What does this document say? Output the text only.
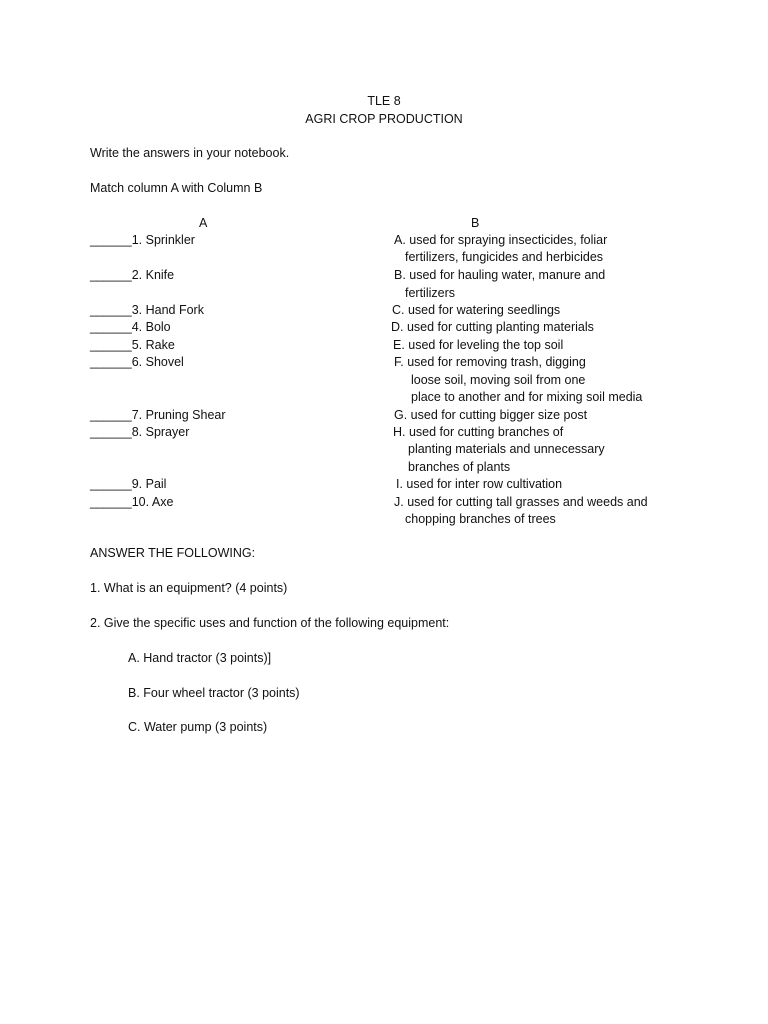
TLE 8
AGRI CROP PRODUCTION
Write the answers in your notebook.
Match column A with Column B
A	B
______1. Sprinkler
______2. Knife
______3. Hand Fork
______4. Bolo
______5. Rake
______6. Shovel
______7. Pruning Shear
______8. Sprayer
______9. Pail
______10. Axe
A. used for spraying insecticides, foliar
fertilizers, fungicides and herbicides
B. used for hauling water, manure and
fertilizers
C. used for watering seedlings
D. used for cutting planting materials
E. used for leveling the top soil
F. used for removing trash, digging
loose soil, moving soil from one
place to another and for mixing soil media
G. used for cutting bigger size post
H. used for cutting branches of
planting materials and unnecessary
branches of plants
I. used for inter row cultivation
J. used for cutting tall grasses and weeds and
chopping branches of trees
ANSWER THE FOLLOWING:
1. What is an equipment? (4 points)
2. Give the specific uses and function of the following equipment:
A. Hand tractor (3 points)]
B. Four wheel tractor (3 points)
C. Water pump (3 points)
